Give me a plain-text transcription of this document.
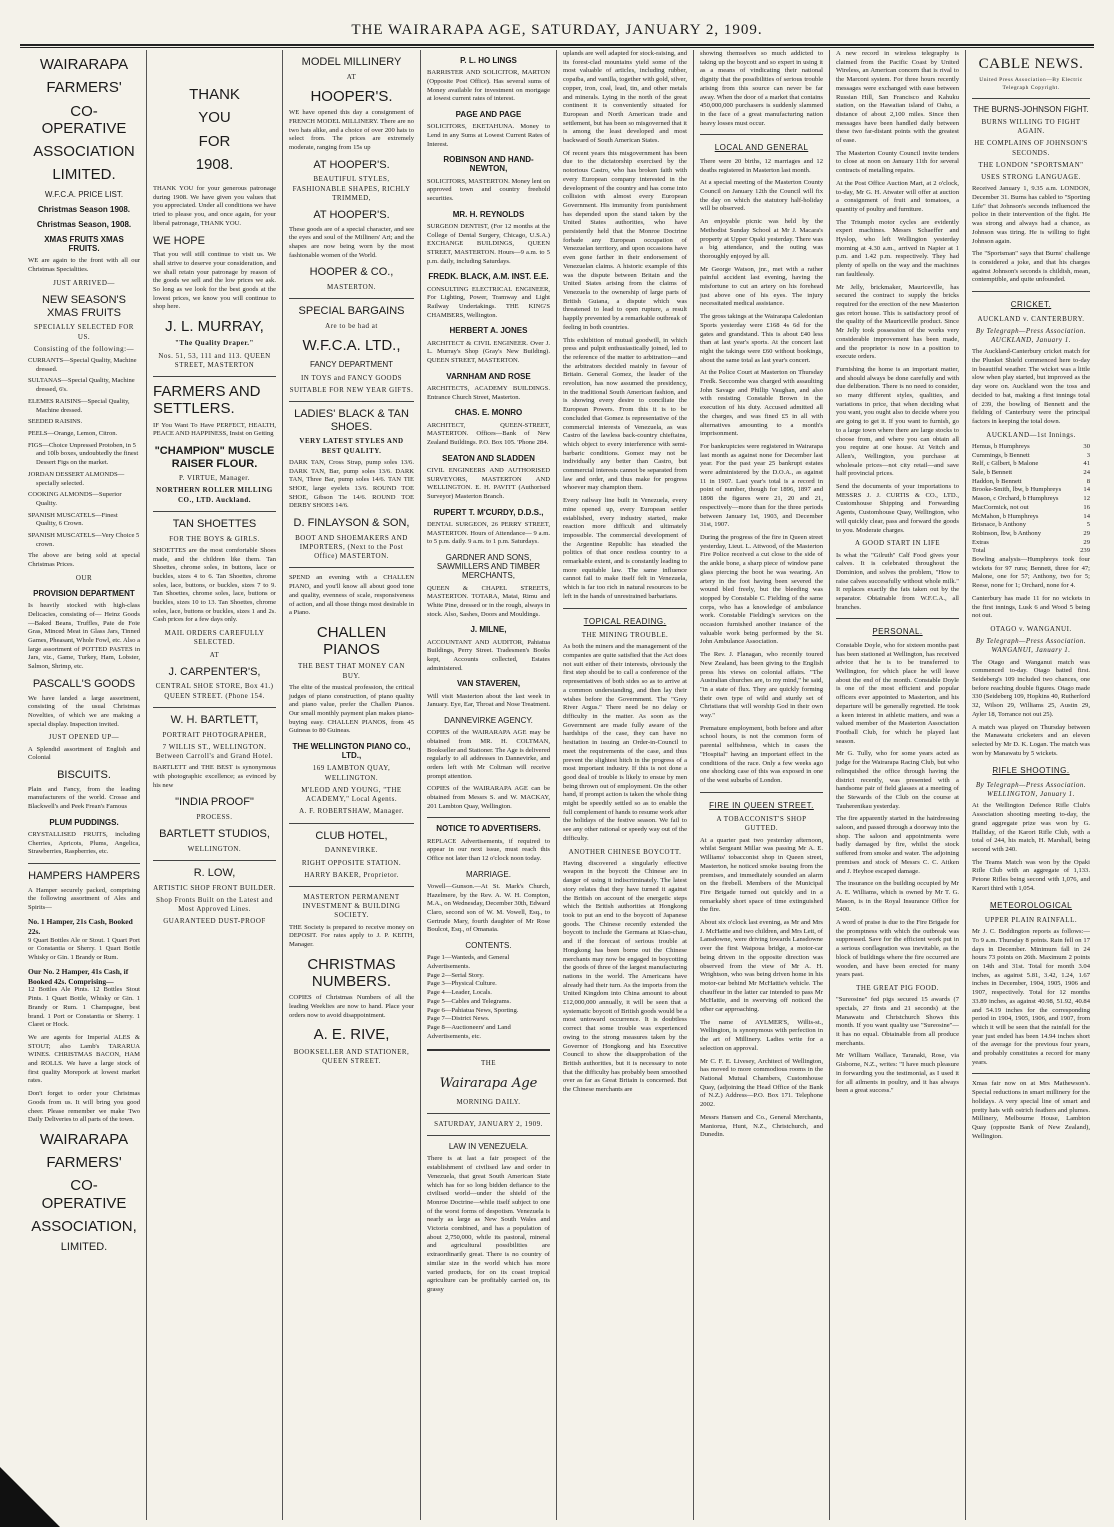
THE WAIRARAPA AGE, SATURDAY, JANUARY 2, 1909.
WAIRARAPA
FARMERS'
CO-OPERATIVE
ASSOCIATION
LIMITED.
W.F.C.A. PRICE LIST.
Christmas Season 1908.
Christmas Season, 1908.
XMAS FRUITS XMAS FRUITS.

WE are again to the front with all our Christmas Specialities.

JUST ARRIVED—
NEW SEASON'S XMAS FRUITS
SPECIALLY SELECTED FOR US.
Consisting of the following:—
CURRANTS—Special Quality, Machine dressed.
SULTANAS—Special Quality, Machine dressed, 6's.
ELEMES RAISINS—Special Quality, Machine dressed.
SEEDED RAISINS.
PEELS—Orange, Lemon, Citron.
FIGS—Choice Unpressed Protoben, in 5 and 10lb boxes, undoubtedly the finest Dessert Figs on the market.
JORDAN DESSERT ALMONDS—specially selected.
COOKING ALMONDS—Superior Quality.
SPANISH MUSCATELS—Finest Quality, 6 Crown.
SPANISH MUSCATELS—Very Choice 5 crown.

The above are being sold at special Christmas Prices.

OUR
PROVISION DEPARTMENT

Is heavily stocked with high-class Delicacies, consisting of— Heinz Goods—Baked Beans, Truffles, Pate de Foie Gras, Minced Meat in Glass Jars, Tinned Games, Pheasant, Whole Fowl, etc. Also a large assortment of POTTED PASTES in Jars, viz., Game, Turkey, Ham, Lobster, Salmon, Shrimp, etc.

PASCALL'S GOODS

We have landed a large assortment, consisting of the usual Christmas Novelties, of which we are making a special display. Inspection invited.

JUST OPENED UP—

A Splendid assortment of English and Colonial

BISCUITS.

Plain and Fancy, from the leading manufacturers of the world. Crosse and Blackwell's and Peek Frean's Famous

PLUM PUDDINGS.

CRYSTALLISED FRUITS, including Cherries, Apricots, Plums, Angelica, Strawberries, Raspberries, etc.

HAMPERS HAMPERS

A Hamper securely packed, comprising the following assortment of Ales and Spirits—

No. 1 Hamper, 21s Cash, Booked 22s.

9 Quart Bottles Ale or Stout. 1 Quart Port or Constantia or Sherry. 1 Quart Bottle Whisky or Gin. 1 Brandy or Rum.

Our No. 2 Hamper, 41s Cash, if Booked 42s. Comprising—

12 Bottles Ale Pints. 12 Bottles Stout Pints. 1 Quart Bottle, Whisky or Gin. 1 Brandy or Rum. 1 Champagne, best brand. 1 Port or Constantia or Sherry. 1 Claret or Hock.

We are agents for Imperial ALES & STOUT; also Lamb's TARARUA WINES. CHRISTMAS BACON, HAM and ROLLS. We have a large stock of first quality Morepork at lowest market rates.

Don't forget to order your Christmas Goods from us. It will bring you good cheer. Please remember we make Two Daily Deliveries to all parts of the town.

WAIRARAPA
FARMERS'
CO-OPERATIVE
ASSOCIATION,
LIMITED.
THANK
YOU
FOR
1908.

THANK YOU for your generous patronage during 1908. We have given you values that you appreciated. Under all conditions we have tried to please you, and once again, for your liberal patronage, THANK YOU.

WE HOPE

That you will still continue to visit us. We shall strive to deserve your consideration, and we shall retain your patronage by reason of the goods we sell and the low prices we ask. So long as we look for the best goods at the lowest prices, we know you will continue to shop here.

J. L. MURRAY,
"The Quality Draper."
Nos. 51, 53, 111 and 113. QUEEN STREET, MASTERTON
FARMERS AND SETTLERS.

IF You Want To Have PERFECT, HEALTH, PEACE AND HAPPINESS, Insist on Getting

"CHAMPION" MUSCLE RAISER FLOUR.
P. VIRTUE, Manager.
NORTHERN ROLLER MILLING CO., LTD. Auckland.
TAN SHOETTES
FOR THE BOYS & GIRLS.

SHOETTES are the most comfortable Shoes made, and the children like them. Tan Shoettes, chrome soles, in buttons, lace or buckles, sizes 4 to 6. Tan Shoettes, chrome soles, lace, buttons, or buckles, sizes 7 to 9. Tan Shoettes, chrome soles, lace, buttons or buckles, sizes 10 to 13. Tan Shoettes, chrome soles, lace, buttons or buckles, sizes 1 and 2s. Cash prices for a few days only.

MAIL ORDERS CAREFULLY SELECTED.
AT
J. CARPENTER'S,
CENTRAL SHOE STORE, Box 41.) QUEEN STREET. (Phone 154.
W. H. BARTLETT,
PORTRAIT PHOTOGRAPHER,
7 WILLIS ST., WELLINGTON. Between Carroll's and Grand Hotel.

BARTLETT and THE BEST is synonymous with photographic excellence; as evinced by his new

"INDIA PROOF"
PROCESS.
BARTLETT STUDIOS,
WELLINGTON.
R. LOW,
ARTISTIC SHOP FRONT BUILDER.
Shop Fronts Built on the Latest and Most Approved Lines.
GUARANTEED DUST-PROOF
MODEL MILLINERY
AT
HOOPER'S.

WE have opened this day a consignment of FRENCH MODEL MILLINERY. There are no two hats alike, and a choice of over 200 hats to select from. The prices are extremely moderate, ranging from 15s up

AT HOOPER'S.
BEAUTIFUL STYLES, FASHIONABLE SHAPES, RICHLY TRIMMED,
AT HOOPER'S.

These goods are of a special character, and see the eyes and soul of the Milliners' Art; and the shapes are now being worn by the most fashionable women of the World.

HOOPER & CO.,
MASTERTON.
SPECIAL BARGAINS
Are to be had at
W.F.C.A. LTD.,
FANCY DEPARTMENT
IN TOYS and FANCY GOODS
SUITABLE FOR NEW YEAR GIFTS.
LADIES' BLACK & TAN SHOES.
VERY LATEST STYLES AND BEST QUALITY.

DARK TAN, Cross Strap, pump soles 13/6. DARK TAN, Bar, pump soles 13/6. DARK TAN, Three Bar, pump soles 14/6. TAN TIE SHOE, large eyelets 13/6. ROUND TOE SHOE, Gibson Tie 14/6. ROUND TOE DERBY SHOES 14/6.

D. FINLAYSON & SON,
BOOT AND SHOEMAKERS AND IMPORTERS, (Next to the Post Office) MASTERTON.

SPEND an evening with a CHALLEN PIANO, and you'll know all about good tone and quality, evenness of scale, responsiveness of action, and all those things most desirable in a Piano.

CHALLEN PIANOS
THE BEST THAT MONEY CAN BUY.

The elite of the musical profession, the critical judges of piano construction, of piano quality and piano value, prefer the Challen Pianos. Our small monthly payment plan makes piano-buying easy. CHALLEN PIANOS, from 45 Guineas to 80 Guineas.

THE WELLINGTON PIANO CO., LTD.,
169 LAMBTON QUAY, WELLINGTON.
M'LEOD AND YOUNG, "THE ACADEMY," Local Agents.
A. F. ROBERTSHAW, Manager.
CLUB HOTEL,
DANNEVIRKE.
RIGHT OPPOSITE STATION.
HARRY BAKER, Proprietor.
MASTERTON PERMANENT INVESTMENT & BUILDING SOCIETY.

THE Society is prepared to receive money on DEPOSIT. For rates apply to J. P. KEITH, Manager.

CHRISTMAS NUMBERS.

COPIES of Christmas Numbers of all the leading Weeklies are now to hand. Place your orders now to avoid disappointment.

A. E. RIVE,
BOOKSELLER AND STATIONER, QUEEN STREET.
P. L. HO LINGS

BARRISTER AND SOLICITOR, MARTON (Opposite Post Office). Has several sums of Money available for investment on mortgage at lowest current rates of interest.

PAGE AND PAGE

SOLICITORS, EKETAHUNA. Money to Lend in any Sums at Lowest Current Rates of Interest.

ROBINSON AND HAND-NEWTON,

SOLICITORS, MASTERTON. Money lent on approved town and country freehold securities.

MR. H. REYNOLDS

SURGEON DENTIST, (For 12 months at the College of Dental Surgery, Chicago, U.S.A.) EXCHANGE BUILDINGS, QUEEN STREET, MASTERTON. Hours—9 a.m. to 5 p.m. daily, including Saturdays.

FREDK. BLACK, A.M. INST. E.E.

CONSULTING ELECTRICAL ENGINEER, For Lighting, Power, Tramway and Light Railway Undertakings. THE KING'S CHAMBERS, Wellington.

HERBERT A. JONES

ARCHITECT & CIVIL ENGINEER. Over J. L. Murray's Shop (Gray's New Building). QUEEN STREET, MASTERTON.

VARNHAM AND ROSE

ARCHITECTS, ACADEMY BUILDINGS. Entrance Church Street, Masterton.

CHAS. E. MONRO

ARCHITECT, QUEEN-STREET, MASTERTON. Offices—Bank of New Zealand Buildings. P.O. Box 105. 'Phone 284.

SEATON AND SLADDEN

CIVIL ENGINEERS AND AUTHORISED SURVEYORS, MASTERTON AND WELLINGTON. E. H. PAVITT (Authorised Surveyor) Masterton Branch.

RUPERT T. M'CURDY, D.D.S.,

DENTAL SURGEON, 26 PERRY STREET, MASTERTON. Hours of Attendance— 9 a.m. to 5 p.m. daily. 9 a.m. to 1 p.m. Saturdays.

GARDNER AND SONS, SAWMILLERS AND TIMBER MERCHANTS,

QUEEN & CHAPEL STREETS, MASTERTON. TOTARA, Matai, Rimu and White Pine, dressed or in the rough, always in stock. Also, Sashes, Doors and Mouldings.

J. MILNE,

ACCOUNTANT AND AUDITOR, Pahiatua Buildings, Perry Street. Tradesmen's Books kept, Accounts collected, Estates administered.

VAN STAVEREN,

Will visit Masterton about the last week in January. Eye, Ear, Throat and Nose Treatment.

DANNEVIRKE AGENCY.

COPIES of the WAIRARAPA AGE may be obtained from MR. H. COLTMAN, Bookseller and Stationer. The Age is delivered regularly to all addresses in Dannevirke, and orders left with Mr Coltman will receive prompt attention.

COPIES of the WAIRARAPA AGE can be obtained from Messrs S. and W. MACKAY, 201 Lambton Quay, Wellington.

NOTICE TO ADVERTISERS.

REPLACE Advertisements, if required to appear in our next issue, must reach this Office not later than 12 o'clock noon today.

MARRIAGE.

Vowell—Gunson.—At St. Mark's Church, Hazelmere, by the Rev. A. W. H. Compton, M.A., on Wednesday, December 30th, Edward Claro, second son of W. M. Vowell, Esq., to Gertrude Mary, fourth daughter of Mr Rose Boulcot, Esq., of Omanaia.

CONTENTS.
Page 1—Wanteds, and General Advertisements.
Page 2—Serial Story.
Page 3—Physical Culture.
Page 4—Leader, Locals.
Page 5—Cables and Telegrams.
Page 6—Pahiatua News, Sporting.
Page 7—District News.
Page 8—Auctioneers' and Land Advertisements, etc.
THE
Wairarapa Age
MORNING DAILY.
SATURDAY, JANUARY 2, 1909.
LAW IN VENEZUELA.

There is at last a fair prospect of the establishment of civilised law and order in Venezuela, that great South American State which has for so long bidden defiance to the civilised world—under the shield of the Monroe Doctrine—while itself subject to one of the worst forms of despotism. Venezuela is nearly as large as New South Wales and Victoria combined, and has a population of about 2,750,000, while its pastoral, mineral and agricultural possibilities are extraordinarily great. There is no country of similar size in the world which has more varied products, for on its coast tropical agriculture can be profitably carried on, its grassy

uplands are well adapted for stock-raising, and its forest-clad mountains yield some of the most valuable of articles, including rubber, copaiba, and vanilla, together with gold, silver, copper, iron, coal, lead, tin, and other metals and minerals. Lying in the north of the great continent it is conveniently situated for European and North American trade and settlement, but has been so misgoverned that it is among the least developed and most backward of South American States.

Of recent years this misgovernment has been due to the dictatorship exercised by the notorious Castro, who has broken faith with every European company interested in the development of the country and has come into collision with almost every European Government. His immunity from punishment has depended upon the stand taken by the United States authorities, who have persistently held that the Monroe Doctrine forbade any European occupation of Venezuelan territory, and upon occasions have even gone farther in their endorsement of Venezuelan claims. A historic example of this was the dispute between Britain and the United States arising from the claims of Venezuela to the ownership of large parts of British Guiana, a dispute which was threatened to lead to open rupture, a result happily prevented by a remarkable outbreak of feeling in both countries.

This exhibition of mutual goodwill, in which press and pulpit enthusiastically joined, led to the reference of the matter to arbitration—and the arbitrators decided mainly in favour of Britain. General Gomez, the leader of the revolution, has now assumed the presidency, in the traditional South American fashion, and is showing every desire to conciliate the European Powers. From this it is to be concluded that Gomez is representative of the commercial interests of Venezuela, as was Castro of the lawless back-country chieftains, which object to every interference with semi-barbaric conditions. Gomez may not be individually any better than Castro, but commercial interests cannot be separated from law and order, and thus make for progress whoever may champion them.

Every railway line built in Venezuela, every mine opened up, every European settler established, every industry started, make reaction more difficult and ultimately impossible. The commercial development of the Argentine Republic has steadied the politics of that once restless country to a remarkable extent, and is constantly leading to more equitable law. The same influence cannot fail to make itself felt in Venezuela, which is far too rich in natural resources to be left in the hands of unrestrained barbarians.

TOPICAL READING.
THE MINING TROUBLE.

As both the miners and the management of the companies are quite satisfied that the Act does not suit either of their interests, obviously the first step should be to call a conference of the representatives of both sides so as to arrive at a common understanding, and then lay their wishes before the Government. The "Grey River Argus." There need be no delay or difficulty in the matter. As soon as the Government are made fully aware of the hardships of the case, they can have no hesitation in issuing an Order-in-Council to meet the requirements of the case, and thus prevent the slightest hitch in the progress of a most important industry. If this is not done a good deal of trouble is likely to ensue by men being thrown out of employment. On the other hand, if prompt action is taken the whole thing might be speedily settled so as to enable the full complement of hands to resume work after the holidays of the festive season. We fail to see any other rational or speedy way out of the difficulty.

ANOTHER CHINESE BOYCOTT.

Having discovered a singularly effective weapon in the boycott the Chinese are in danger of using it indiscriminately. The latest story relates that they have turned it against the British on account of the energetic steps which the British authorities at Hongkong took to put an end to the boycott of Japanese goods. The Chinese recently extended the boycott to include the Germans at Kiao-chau, and if the forecast of serious trouble at Hongkong has been borne out the Chinese merchants may now be engaged in boycotting the goods of three of the largest manufacturing nations in the world. The Americans have already had their turn. As the imports from the United Kingdom into China amount to about £12,000,000 annually, it will be seen that a systematic boycott of British goods would be a most untoward occurrence. It is doubtless correct that some trouble was experienced owing to the strong measures taken by the Governor of Hongkong and his Executive Council to show the disapprobation of the British authorities, but it is necessary to note that the difficulty has probably been smoothed over as far as Great Britain is concerned. But the Chinese merchants are

showing themselves so much addicted to taking up the boycott and so expert in using it as a means of vindicating their national dignity that the possibilities of serious trouble arising from this source can never be far away. When the door of a market that contains 450,000,000 purchasers is suddenly slammed in the face of a great manufacturing nation heavy losses must occur.

LOCAL AND GENERAL

There were 20 births, 12 marriages and 12 deaths registered in Masterton last month.

At a special meeting of the Masterton County Council on January 12th the Council will fix the day on which the statutory half-holiday will be observed.

An enjoyable picnic was held by the Methodist Sunday School at Mr J. Macara's property at Upper Opaki yesterday. There was a big attendance, and the outing was thoroughly enjoyed by all.

Mr George Watson, jnr., met with a rather painful accident last evening, having the misfortune to cut an artery on his forehead just above one of his eyes. The injury necessitated medical assistance.

The gross takings at the Wairarapa Caledonian Sports yesterday were £168 4s 6d for the gates and grandstand. This is about £40 less than at last year's sports. At the concert last night the takings were £60 without bookings, about the same total as last year's concert.

At the Police Court at Masterton on Thursday Fredk. Seccombe was charged with assaulting John Savage and Phillip Vaughan, and also with resisting Constable Brown in the execution of his duty. Accused admitted all the charges, and was fined £5 in all with alternatives amounting to a month's imprisonment.

For bankruptcies were registered in Wairarapa last month as against none for December last year. For the past year 25 bankrupt estates were administered by the D.O.A., as against 11 in 1907. Last year's total is a record in point of number, though for 1896, 1897 and 1898 the figures were 21, 20 and 21, respectively—more than for the three periods between January 1st, 1903, and December 31st, 1907.

During the progress of the fire in Queen street yesterday, Lieut. L. Attwood, of the Masterton Fire Police received a cut close to the side of the ankle bone, a sharp piece of window pane glass piercing the boot he was wearing. An artery in the foot having been severed the wound bled freely, but the bleeding was stopped by Constable C. Fielding of the same corps, who has a knowledge of ambulance work. Constable Fielding's services on the occasion furnished another instance of the valuable work being performed by the St. John Ambulance Association.

The Rev. J. Flanagan, who recently toured New Zealand, has been giving to the English press his views on colonial affairs. "The Australian churches are, to my mind," he said, "in a state of flux. They are quickly forming their own type of wild and sturdy set of Christians that will worship God in their own way."

Premature employment, both before and after school hours, is not the common form of parental selfishness, which in cases the "Hospital" having an important effect in the conditions of the race. Only a few weeks ago one shocking case of this was exposed in one of the west suburbs of London.

FIRE IN QUEEN STREET.
A TOBACCONIST'S SHOP GUTTED.

At a quarter past two yesterday afternoon, whilst Sergeant Millar was passing Mr A. E. Williams' tobacconist shop in Queen street, Masterton, he noticed smoke issuing from the premises, and immediately sounded an alarm on the firebell. Members of the Municipal Fire Brigade turned out quickly and in a remarkably short space of time extinguished the fire.

About six o'clock last evening, as Mr and Mrs J. McHattie and two children, and Mrs Lett, of Lansdowne, were driving towards Lansdowne over the first Waipoua bridge, a motor-car being driven in the opposite direction was observed from the view of Mr A. H. Wrightson, who was being driven home in his motor-car behind Mr McHattie's vehicle. The chauffeur in the latter car intended to pass Mr McHattie, and in swerving off noticed the other car approaching.

The name of AYLMER'S, Willis-st., Wellington, is synonymous with perfection in the art of Millinery. Ladies write for a selection on approval.

Mr C. F. E. Livesey, Architect of Wellington, has moved to more commodious rooms in the National Mutual Chambers, Customhouse Quay, (adjoining the Head Office of the Bank of N.Z.) Address—P.O. Box 171. Telephone 2002.

Messrs Hansen and Co., General Merchants, Maniorua, Hunt, N.Z., Christchurch, and Dunedin.

A new record in wireless telegraphy is claimed from the Pacific Coast by United Wireless, an American concern that is rival to the Marconi system. For three hours recently messages were exchanged with ease between Russian Hill, San Francisco and Kahuku station, on the Hawaiian island of Oahu, a distance of about 2,100 miles. Since then messages have been handled daily between these two far-distant points with the greatest of ease.

The Masterton County Council invite tenders to close at noon on January 11th for several contracts of metalling repairs.

At the Post Office Auction Mart, at 2 o'clock, to-day, Mr G. H. Atwater will offer at auction a consignment of fruit and tomatoes, a quantity of poultry and furniture.

The Triumph motor cycles are evidently expert machines. Messrs Schaeffer and Hyslop, who left Wellington yesterday morning at 4.30 a.m., arrived in Napier at 1 p.m. and 1.42 p.m. respectively. They had plenty of spells on the way and the machines ran faultlessly.

Mr Jelly, brickmaker, Mauriceville, has secured the contract to supply the bricks required for the erection of the new Masterton gas retort house. This is satisfactory proof of the quality of the Mauriceville product. Since Mr Jelly took possession of the works very considerable improvement has been made, and the proprietor is now in a position to execute orders.

Furnishing the home is an important matter, and should always be done carefully and with due deliberation. There is no need to consider, so many different styles, qualities, and variations in price, that when deciding what you want, you ought also to decide where you are going to get it. If you want to furnish, go to a large town where there are large stocks to choose from, and where you can obtain all you require at one house. At Veitch and Allen's, Wellington, you purchase at wholesale prices—not city retail—and save half provincial prices.

Send the documents of your importations to MESSRS J. J. CURTIS & CO., LTD., Customhouse Shipping and Forwarding Agents, Customhouse Quay, Wellington, who will quickly clear, pass and forward the goods to you. Moderate charges.

A GOOD START IN LIFE

Is what the "Gilruth" Calf Food gives your calves. It is celebrated throughout the Dominion, and solves the problem, "How to raise calves successfully without whole milk." It replaces exactly the fats taken out by the separator. Obtainable from W.F.C.A., all branches.

PERSONAL.

Constable Doyle, who for sixteen months past has been stationed at Wellington, has received advice that he is to be transferred to Wellington, for which place he will leave about the end of the month. Constable Doyle is one of the most efficient and popular officers ever appointed to Masterton, and his departure will be generally regretted. He took a keen interest in athletic matters, and was a valued member of the Masterton Association Football Club, for which he played last season.

Mr G. Tully, who for some years acted as judge for the Wairarapa Racing Club, but who relinquished the office through having the district recently, was presented with a handsome pair of field glasses at a meeting of the Stewards of the Club on the course at Tauherenikau yesterday.

The fire apparently started in the hairdressing saloon, and passed through a doorway into the shop. The saloon and appointments were badly damaged by fire, whilst the stock suffered from smoke and water. The adjoining premises and stock of Messrs C. C. Aitken and J. Heyhoe escaped damage.

The insurance on the building occupied by Mr A. E. Williams, which is owned by Mr T. G. Mason, is in the Royal Insurance Office for £400.

A word of praise is due to the Fire Brigade for the promptness with which the outbreak was suppressed. Save for the efficient work put in a serious conflagration was inevitable, as the block of buildings where the fire occurred are wooden, and have been erected for many years past.

THE GREAT PIG FOOD.

"Sureosine" fed pigs secured 15 awards (7 specials, 27 firsts and 21 seconds) at the Manawatu and Christchurch Shows this month. If you want quality use "Sureosine"—it has no equal. Obtainable from all produce merchants.

Mr William Wallace, Taranaki, Rose, via Gisborne, N.Z., writes: "I have much pleasure in forwarding you the testimonial, as I used it for all ailments in poultry, and it has always been a great success."

CABLE NEWS.
United Press Association—By Electric Telegraph Copyright.
THE BURNS-JOHNSON FIGHT.
BURNS WILLING TO FIGHT AGAIN.
HE COMPLAINS OF JOHNSON'S SECONDS.
THE LONDON "SPORTSMAN"
USES STRONG LANGUAGE.

Received January 1, 9.35 a.m. LONDON, December 31. Burns has cabled to "Sporting Life" that Johnson's seconds influenced the police in their intervention of the fight. He was strong and always had a chance, as Johnson was tiring. He is willing to fight Johnson again.

The "Sportsman" says that Burns' challenge is considered a joke, and that his charges against Johnson's seconds is childish, mean, contemptible, and quite unfounded.

CRICKET.
AUCKLAND v. CANTERBURY.
By Telegraph—Press Association. AUCKLAND, January 1.

The Auckland-Canterbury cricket match for the Plunket Shield commenced here to-day in beautiful weather. The wicket was a little slow when play started, but improved as the day wore on. Auckland won the toss and decided to bat, making a first innings total of 239, the bowling of Bennett and the fielding of Canterbury were the principal factors in keeping the total down.

AUCKLAND—1st Innings.
Hemus, b Humphreys	30
Cummings, b Bennett	3
Relf, c Gilbert, b Malone	41
Sale, b Bennett	24
Haddon, b Bennett	8
Brooke-Smith, lbw, b Humphreys	14
Mason, c Orchard, b Humphreys	12
MacCormick, not out	16
McMahon, b Humphreys	14
Brisnace, b Anthony	5
Robinson, lbw, b Anthony	29
Extras	29
Total	239

Bowling analysis—Humphreys took four wickets for 97 runs; Bennett, three for 47; Malone, one for 57; Anthony, two for 5; Reese, none for 1; Orchard, none for 4.

Canterbury has made 11 for no wickets in the first innings, Lusk 6 and Wood 5 being not out.

OTAGO v. WANGANUI.
By Telegraph—Press Association. WANGANUI, January 1.

The Otago and Wanganui match was commenced to-day. Otago batted first. Seideberg's 109 included two chances, one before reaching double figures. Otago made 330 (Seideberg 109, Hopkins 40, Rutherford 32, Wilson 29, Williams 25, Austin 29, Ayler 18, Torrance not out 25).

A match was played on Thursday between the Manawatu cricketers and an eleven selected by Mr D. K. Logan. The match was won by Manawatu by 5 wickets.

RIFLE SHOOTING.
By Telegraph—Press Association. WELLINGTON, January 1.

At the Wellington Defence Rifle Club's Association shooting meeting to-day, the grand aggregate prize was won by G. Halliday, of the Karori Rifle Club, with a total of 244, his match, H. Marshall, being second with 240.

The Teams Match was won by the Opaki Rifle Club with an aggregate of 1,133. Petone Rifles being second with 1,076, and Karori third with 1,054.

METEOROLOGICAL
UPPER PLAIN RAINFALL.

Mr J. C. Boddington reports as follows:— To 9 a.m. Thursday 8 points. Rain fell on 17 days in December. Minimum fall in 24 hours 73 points on 26th. Maximum 2 points on 14th and 31st. Total for month 3.04 inches, as against 5.81, 3.42, 1.24, 1.67 inches in December, 1904, 1905, 1906 and 1907, respectively. Total for 12 months 33.89 inches, as against 40.98, 51.92, 40.84 and 54.19 inches for the corresponding period in 1904, 1905, 1906, and 1907, from which it will be seen that the rainfall for the year just ended has been 14.94 inches short of the average for the previous four years, and probably constitutes a record for many years.

Xmas fair now on at Mrs Mathewson's. Special reductions in smart millinery for the holidays. A very special line of smart and pretty hats with ostrich feathers and plumes. Millinery, Melbourne House, Lambton Quay (opposite Bank of New Zealand), Wellington.
